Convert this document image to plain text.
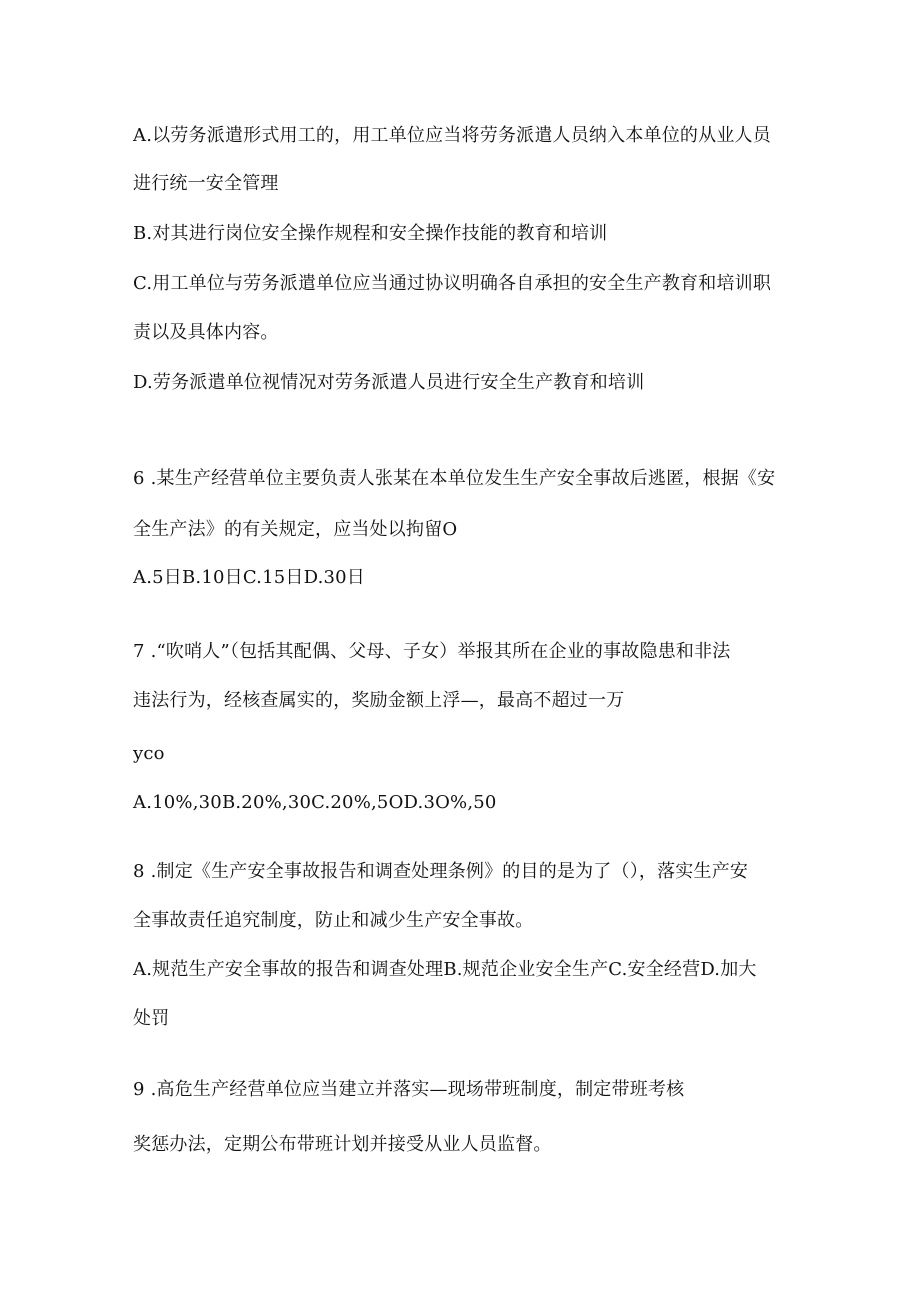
A.以劳务派遣形式用工的，用工单位应当将劳务派遣人员纳入本单位的从业人员
进行统一安全管理
B.对其进行岗位安全操作规程和安全操作技能的教育和培训
C.用工单位与劳务派遣单位应当通过协议明确各自承担的安全生产教育和培训职
责以及具体内容。
D.劳务派遣单位视情况对劳务派遣人员进行安全生产教育和培训
6 .某生产经营单位主要负责人张某在本单位发生生产安全事故后逃匿，根据《安
全生产法》的有关规定，应当处以拘留O
A.5日B.10日C.15日D.30日
7 .“吹哨人”（包括其配偶、父母、子女）举报其所在企业的事故隐患和非法
违法行为，经核查属实的，奖励金额上浮—，最高不超过一万
yco
A.10%,30B.20%,30C.20%,5OD.3O%,50
8 .制定《生产安全事故报告和调查处理条例》的目的是为了（），落实生产安
全事故责任追究制度，防止和减少生产安全事故。
A.规范生产安全事故的报告和调查处理B.规范企业安全生产C.安全经营D.加大
处罚
9 .高危生产经营单位应当建立并落实—现场带班制度，制定带班考核
奖惩办法，定期公布带班计划并接受从业人员监督。
